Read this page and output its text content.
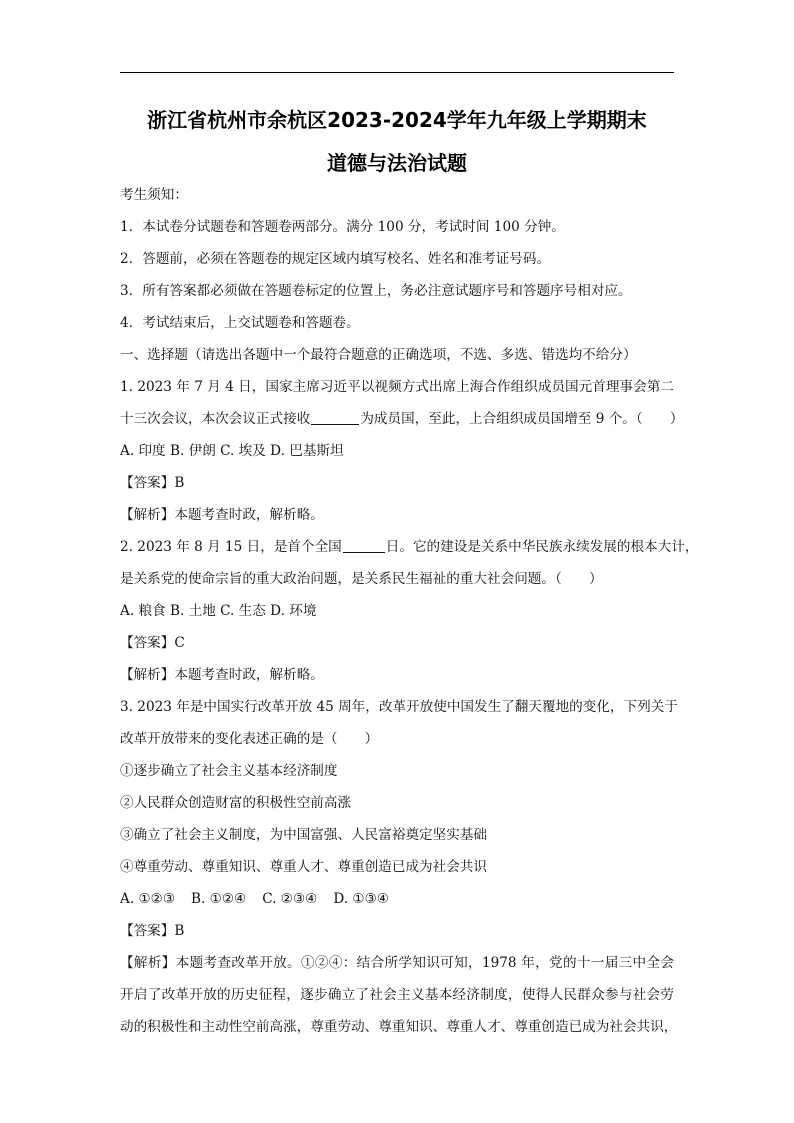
浙江省杭州市余杭区2023-2024学年九年级上学期期末
道德与法治试题
考生须知：
1．本试卷分试题卷和答题卷两部分。满分 100 分，考试时间 100 分钟。
2．答题前，必须在答题卷的规定区域内填写校名、姓名和准考证号码。
3．所有答案都必须做在答题卷标定的位置上，务必注意试题序号和答题序号相对应。
4．考试结束后，上交试题卷和答题卷。
一、选择题（请选出各题中一个最符合题意的正确选项，不选、多选、错选均不给分）
1. 2023 年 7 月 4 日，国家主席习近平以视频方式出席上海合作组织成员国元首理事会第二
十三次会议，本次会议正式接收	为成员国，至此，上合组织成员国增至 9 个。（　　）
A. 印度 B. 伊朗 C. 埃及 D. 巴基斯坦
【答案】B
【解析】本题考查时政，解析略。
2. 2023 年 8 月 15 日，是首个全国	日。它的建设是关系中华民族永续发展的根本大计，
是关系党的使命宗旨的重大政治问题，是关系民生福祉的重大社会问题。（　　）
A. 粮食 B. 土地 C. 生态 D. 环境
【答案】C
【解析】本题考查时政，解析略。
3. 2023 年是中国实行改革开放 45 周年，改革开放使中国发生了翻天覆地的变化，下列关于
改革开放带来的变化表述正确的是（　　）
①逐步确立了社会主义基本经济制度
②人民群众创造财富的积极性空前高涨
③确立了社会主义制度，为中国富强、人民富裕奠定坚实基础
④尊重劳动、尊重知识、尊重人才、尊重创造已成为社会共识
A. ①②③ B. ①②④ C. ②③④ D. ①③④
【答案】B
【解析】本题考查改革开放。①②④：结合所学知识可知，1978 年，党的十一届三中全会
开启了改革开放的历史征程，逐步确立了社会主义基本经济制度，使得人民群众参与社会劳
动的积极性和主动性空前高涨，尊重劳动、尊重知识、尊重人才、尊重创造已成为社会共识，
